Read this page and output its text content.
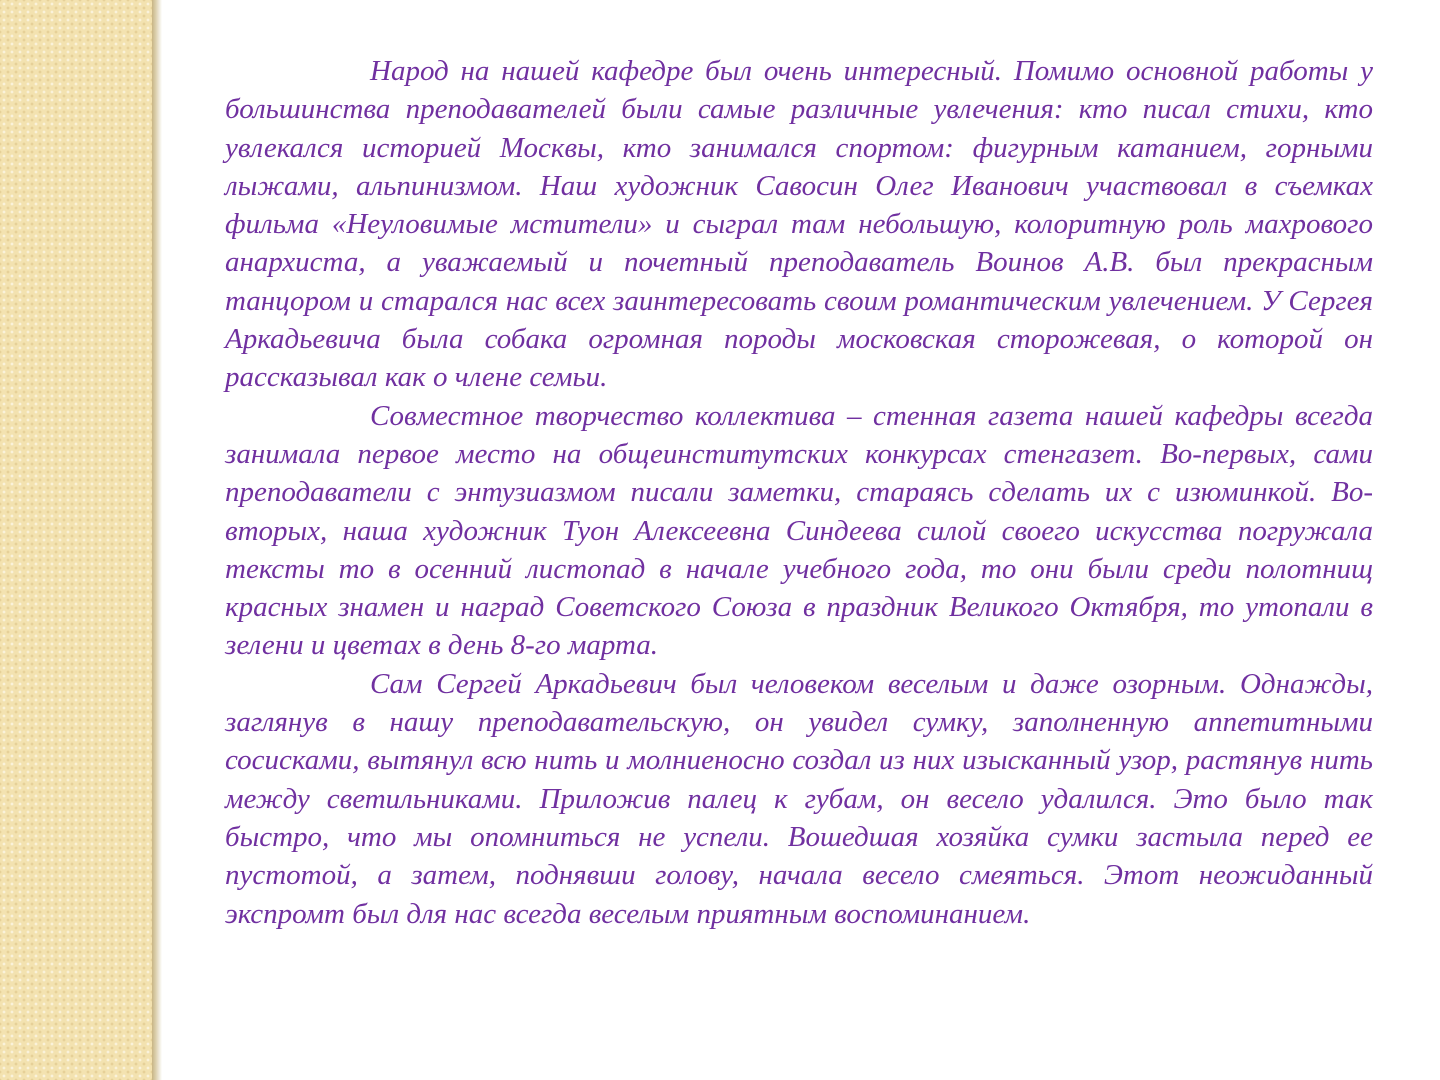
Народ на нашей кафедре был очень интересный. Помимо основной работы у большинства преподавателей были самые различные увлечения: кто писал стихи, кто увлекался историей Москвы, кто занимался спортом: фигурным катанием, горными лыжами, альпинизмом. Наш художник Савосин Олег Иванович участвовал в съемках фильма «Неуловимые мстители» и сыграл там небольшую, колоритную роль махрового анархиста, а уважаемый и почетный преподаватель Воинов А.В. был прекрасным танцором и старался нас всех заинтересовать своим романтическим увлечением. У Сергея Аркадьевича была собака огромная породы московская сторожевая, о которой он рассказывал как о члене семьи.

Совместное творчество коллектива – стенная газета нашей кафедры всегда занимала первое место на общеинститутских конкурсах стенгазет. Во-первых, сами преподаватели с энтузиазмом писали заметки, стараясь сделать их с изюминкой. Во-вторых, наша художник Туон Алексеевна Синдеева силой своего искусства погружала тексты то в осенний листопад в начале учебного года, то они были среди полотнищ красных знамен и наград Советского Союза в праздник Великого Октября, то утопали в зелени и цветах в день 8-го марта.

Сам Сергей Аркадьевич был человеком веселым и даже озорным. Однажды, заглянув в нашу преподавательскую, он увидел сумку, заполненную аппетитными сосисками, вытянул всю нить и молниеносно создал из них изысканный узор, растянув нить между светильниками. Приложив палец к губам, он весело удалился. Это было так быстро, что мы опомниться не успели. Вошедшая хозяйка сумки застыла перед ее пустотой, а затем, поднявши голову, начала весело смеяться. Этот неожиданный экспромт был для нас всегда веселым приятным воспоминанием.
